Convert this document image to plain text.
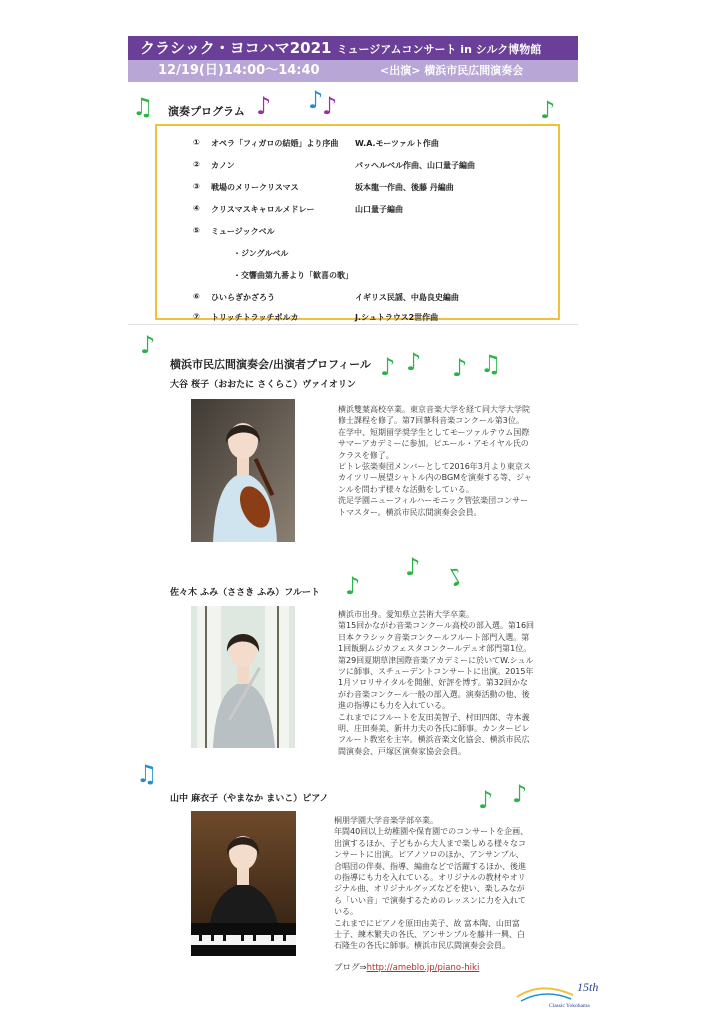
クラシック・ヨコハマ2021 ミュージアムコンサート in シルク博物館
12/19(日)14:00〜14:40	<出演> 横浜市民広間演奏会
♫	♪ ♪
♪	♪
♪
♪ ♪ ♪ ♫
♪
♪ ♪
♫
♪ ♪
演奏プログラム
① オペラ「フィガロの結婚」より序曲 W.A.モーツァルト作曲
② カノン	パッヘルベル作曲、山口量子編曲
③ 戦場のメリークリスマス	坂本龍一作曲、後藤 丹編曲
④ クリスマスキャロルメドレー	山口量子編曲
⑤ ミュージックベル
・ジングルベル
・交響曲第九番より「歓喜の歌」
⑥ ひいらぎかざろう	イギリス民謡、中島良史編曲
⑦ トリッチトラッチポルカ	J.シュトラウス2世作曲
横浜市民広間演奏会/出演者プロフィール
大谷 桜子（おおたに さくらこ）ヴァイオリン

横浜雙葉高校卒業。東京音楽大学を経て同大学大学院

修士課程を修了。第7回蓼科音楽コンクール第3位。

在学中、短期留学奨学生としてモーツァルテウム国際

サマーアカデミーに参加。ピエール・アモイヤル氏の

クラスを修了。

ピトレ弦楽奏団メンバーとして2016年3月より東京ス

カイツリー展望シャトル内のBGMを演奏する等、ジャ

ンルを問わず様々な活動をしている。

洗足学園ニューフィルハーモニック管弦楽団コンサー

トマスター。横浜市民広間演奏会会員。

佐々木 ふみ（ささき ふみ）フルート

横浜市出身。愛知県立芸術大学卒業。

第15回かながわ音楽コンクール高校の部入選。第16回

日本クラシック音楽コンクールフルート部門入選。第

1回飯網ムジカフェスタコンクールデュオ部門第1位。

第29回夏期草津国際音楽アカデミーに於いてW.シュル

ツに師事、スチューデントコンサートに出演。2015年

1月ソロリサイタルを開催、好評を博す。第32回かな

がわ音楽コンクール一般の部入選。演奏活動の他、後

進の指導にも力を入れている。

これまでにフルートを友田美智子、村田四郎、寺本義

明、庄田奏美、新井力夫の各氏に師事。カンタービレ

フルート教室を主宰。横浜音楽文化協会、横浜市民広

間演奏会、戸塚区演奏家協会会員。

山中 麻衣子（やまなか まいこ）ピアノ

桐朋学園大学音楽学部卒業。

年間40回以上幼稚園や保育園でのコンサートを企画、

出演するほか、子どもから大人まで楽しめる様々なコ

ンサートに出演。ピアノソロのほか、アンサンブル、

合唱団の伴奏、指導、編曲などで活躍するほか、後進

の指導にも力を入れている。オリジナルの教材やオリ

ジナル曲、オリジナルグッズなどを使い、楽しみなが

ら「いい音」で演奏するためのレッスンに力を入れて

いる。

これまでにピアノを原田由美子、故 富本陶、山田富

士子、練木繁夫の各氏、アンサンブルを藤井一興、白

石隆生の各氏に師事。横浜市民広間演奏会会員。

ブログ⇒http://ameblo.jp/piano-hiki
15th
Classic Yokohama
